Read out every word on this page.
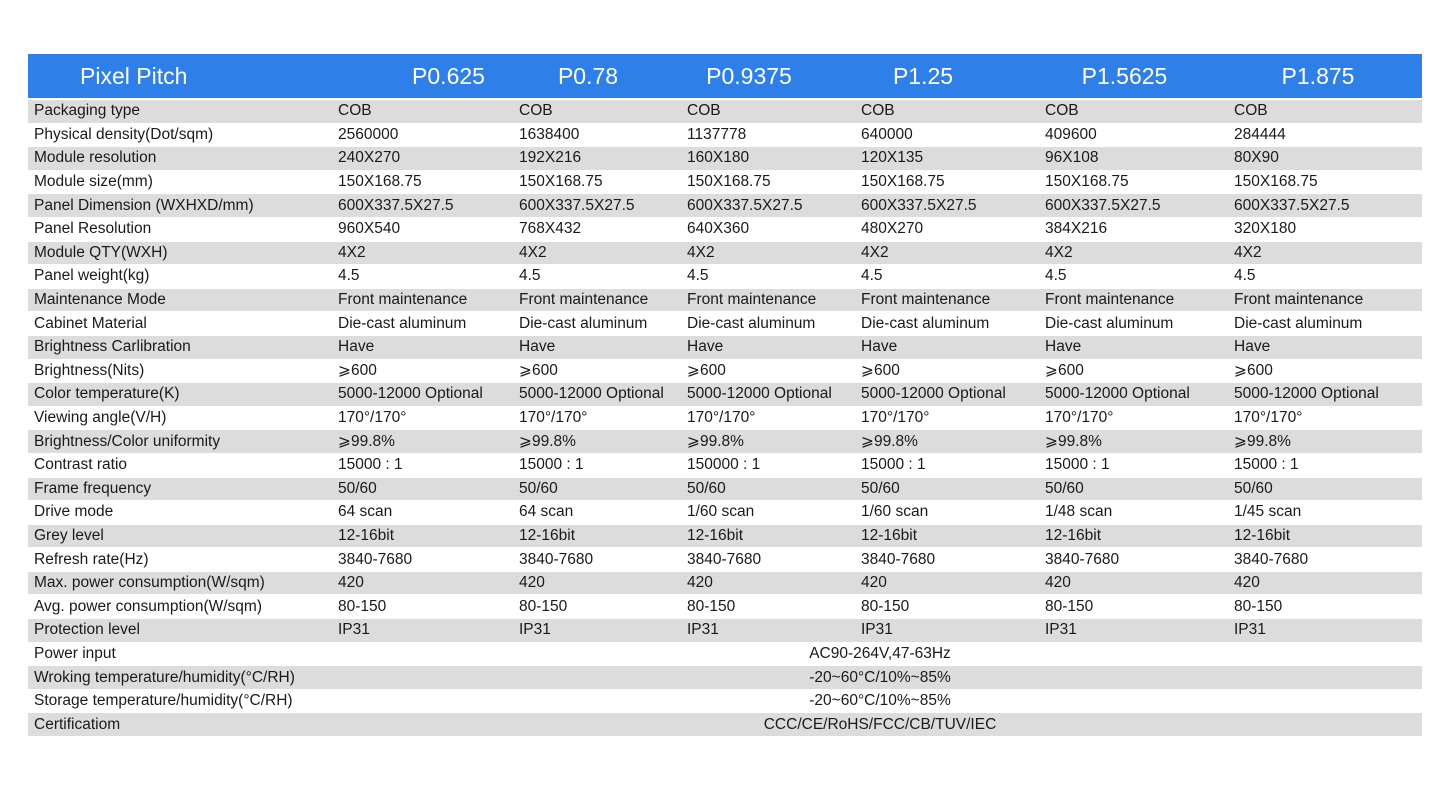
Pixel Pitch	P0.625	P0.78	P0.9375	P1.25	P1.5625	P1.875
Packaging type	COB	COB	COB	COB	COB	COB
Physical density(Dot/sqm)	2560000	1638400	1137778	640000	409600	284444
Module resolution	240X270	192X216	160X180	120X135	96X108	80X90
Module size(mm)	150X168.75	150X168.75	150X168.75	150X168.75	150X168.75	150X168.75
Panel Dimension (WXHXD/mm)	600X337.5X27.5	600X337.5X27.5	600X337.5X27.5	600X337.5X27.5	600X337.5X27.5	600X337.5X27.5
Panel Resolution	960X540	768X432	640X360	480X270	384X216	320X180
Module QTY(WXH)	4X2	4X2	4X2	4X2	4X2	4X2
Panel weight(kg)	4.5	4.5	4.5	4.5	4.5	4.5
Maintenance Mode	Front maintenance	Front maintenance	Front maintenance	Front maintenance	Front maintenance	Front maintenance
Cabinet Material	Die-cast aluminum	Die-cast aluminum	Die-cast aluminum	Die-cast aluminum	Die-cast aluminum	Die-cast aluminum
Brightness Carlibration	Have	Have	Have	Have	Have	Have
Brightness(Nits)	⩾600	⩾600	⩾600	⩾600	⩾600	⩾600
Color temperature(K)	5000-12000 Optional	5000-12000 Optional	5000-12000 Optional	5000-12000 Optional	5000-12000 Optional	5000-12000 Optional
Viewing angle(V/H)	170°/170°	170°/170°	170°/170°	170°/170°	170°/170°	170°/170°
Brightness/Color uniformity	⩾99.8%	⩾99.8%	⩾99.8%	⩾99.8%	⩾99.8%	⩾99.8%
Contrast ratio	15000 : 1	15000 : 1	150000 : 1	15000 : 1	15000 : 1	15000 : 1
Frame frequency	50/60	50/60	50/60	50/60	50/60	50/60
Drive mode	64 scan	64 scan	1/60 scan	1/60 scan	1/48 scan	1/45 scan
Grey level	12-16bit	12-16bit	12-16bit	12-16bit	12-16bit	12-16bit
Refresh rate(Hz)	3840-7680	3840-7680	3840-7680	3840-7680	3840-7680	3840-7680
Max. power consumption(W/sqm)	420	420	420	420	420	420
Avg. power consumption(W/sqm)	80-150	80-150	80-150	80-150	80-150	80-150
Protection level	IP31	IP31	IP31	IP31	IP31	IP31
Power input	AC90-264V,47-63Hz
Wroking temperature/humidity(°C/RH)	-20~60°C/10%~85%
Storage temperature/humidity(°C/RH)	-20~60°C/10%~85%
Certificatiom	CCC/CE/RoHS/FCC/CB/TUV/IEC
